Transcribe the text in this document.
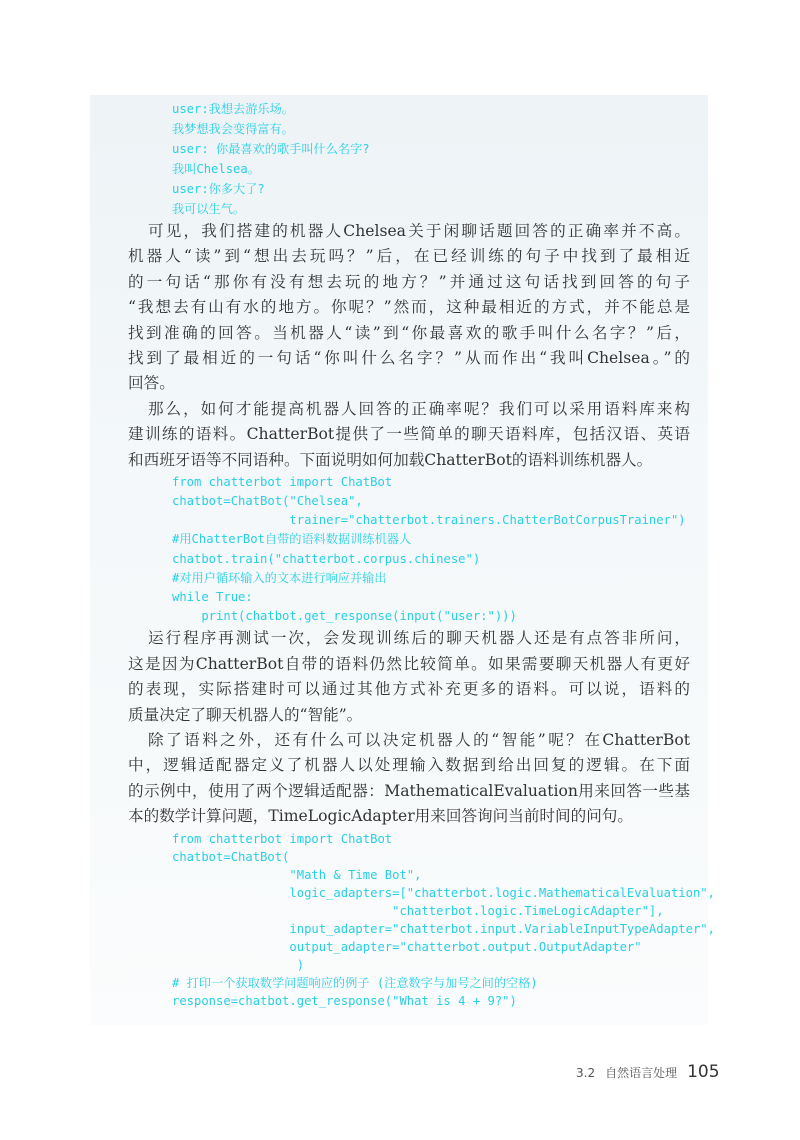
user:我想去游乐场。
我梦想我会变得富有。
user: 你最喜欢的歌手叫什么名字?
我叫Chelsea。
user:你多大了?
我可以生气。
可见，我们搭建的机器人Chelsea关于闲聊话题回答的正确率并不高。
机器人“读”到“想出去玩吗？”后，在已经训练的句子中找到了最相近
的一句话“那你有没有想去玩的地方？”并通过这句话找到回答的句子
“我想去有山有水的地方。你呢？”然而，这种最相近的方式，并不能总是
找到准确的回答。当机器人“读”到“你最喜欢的歌手叫什么名字？”后，
找到了最相近的一句话“你叫什么名字？”从而作出“我叫Chelsea。”的
回答。
那么，如何才能提高机器人回答的正确率呢？我们可以采用语料库来构
建训练的语料。ChatterBot提供了一些简单的聊天语料库，包括汉语、英语
和西班牙语等不同语种。下面说明如何加载ChatterBot的语料训练机器人。
from chatterbot import ChatBot
chatbot=ChatBot("Chelsea",
trainer="chatterbot.trainers.ChatterBotCorpusTrainer")
#用ChatterBot自带的语料数据训练机器人
chatbot.train("chatterbot.corpus.chinese")
#对用户循环输入的文本进行响应并输出
while True:
print(chatbot.get_response(input("user:")))
运行程序再测试一次，会发现训练后的聊天机器人还是有点答非所问，
这是因为ChatterBot自带的语料仍然比较简单。如果需要聊天机器人有更好
的表现，实际搭建时可以通过其他方式补充更多的语料。可以说，语料的
质量决定了聊天机器人的“智能”。
除了语料之外，还有什么可以决定机器人的“智能”呢？在ChatterBot
中，逻辑适配器定义了机器人以处理输入数据到给出回复的逻辑。在下面
的示例中，使用了两个逻辑适配器：MathematicalEvaluation用来回答一些基
本的数学计算问题，TimeLogicAdapter用来回答询问当前时间的问句。
from chatterbot import ChatBot
chatbot=ChatBot(
"Math & Time Bot",
logic_adapters=["chatterbot.logic.MathematicalEvaluation",
"chatterbot.logic.TimeLogicAdapter"],
input_adapter="chatterbot.input.VariableInputTypeAdapter",
output_adapter="chatterbot.output.OutputAdapter"
)
# 打印一个获取数学问题响应的例子 (注意数字与加号之间的空格)
response=chatbot.get_response("What is 4 + 9?")
3.2 自然语言处理 105
